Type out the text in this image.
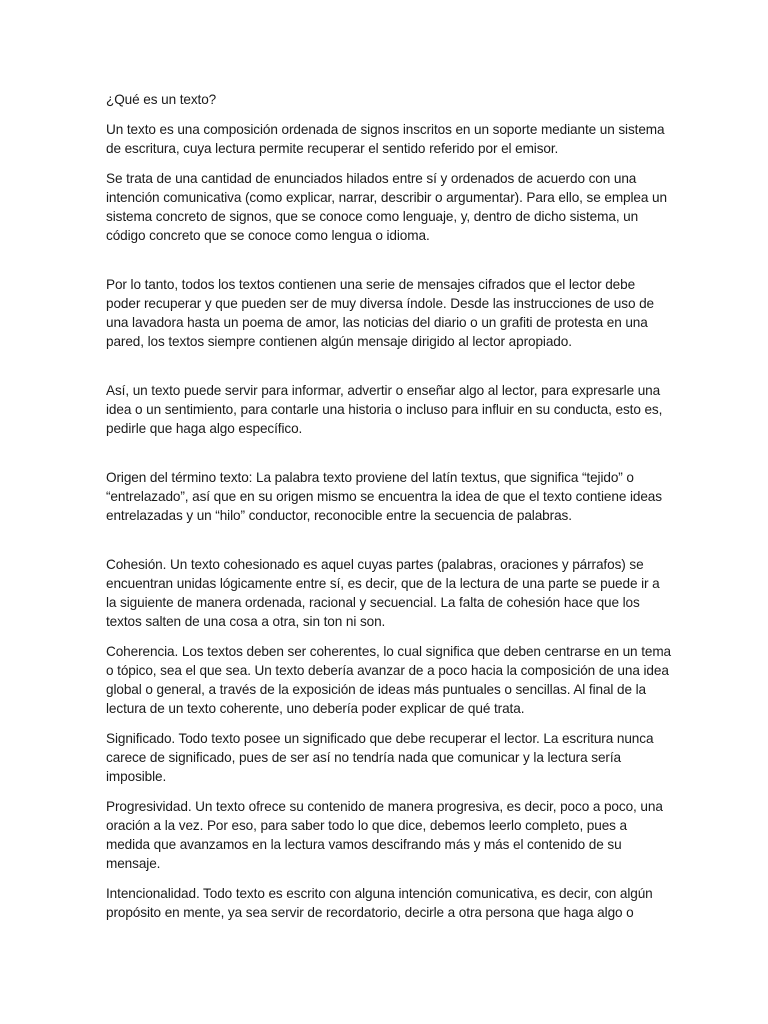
¿Qué es un texto?

Un texto es una composición ordenada de signos inscritos en un soporte mediante un sistema de escritura, cuya lectura permite recuperar el sentido referido por el emisor.

Se trata de una cantidad de enunciados hilados entre sí y ordenados de acuerdo con una intención comunicativa (como explicar, narrar, describir o argumentar). Para ello, se emplea un sistema concreto de signos, que se conoce como lenguaje, y, dentro de dicho sistema, un código concreto que se conoce como lengua o idioma.

Por lo tanto, todos los textos contienen una serie de mensajes cifrados que el lector debe poder recuperar y que pueden ser de muy diversa índole. Desde las instrucciones de uso de una lavadora hasta un poema de amor, las noticias del diario o un grafiti de protesta en una pared, los textos siempre contienen algún mensaje dirigido al lector apropiado.

Así, un texto puede servir para informar, advertir o enseñar algo al lector, para expresarle una idea o un sentimiento, para contarle una historia o incluso para influir en su conducta, esto es, pedirle que haga algo específico.

Origen del término texto: La palabra texto proviene del latín textus, que significa “tejido” o “entrelazado”, así que en su origen mismo se encuentra la idea de que el texto contiene ideas entrelazadas y un “hilo” conductor, reconocible entre la secuencia de palabras.

Cohesión. Un texto cohesionado es aquel cuyas partes (palabras, oraciones y párrafos) se encuentran unidas lógicamente entre sí, es decir, que de la lectura de una parte se puede ir a la siguiente de manera ordenada, racional y secuencial. La falta de cohesión hace que los textos salten de una cosa a otra, sin ton ni son.

Coherencia. Los textos deben ser coherentes, lo cual significa que deben centrarse en un tema o tópico, sea el que sea. Un texto debería avanzar de a poco hacia la composición de una idea global o general, a través de la exposición de ideas más puntuales o sencillas. Al final de la lectura de un texto coherente, uno debería poder explicar de qué trata.

Significado. Todo texto posee un significado que debe recuperar el lector. La escritura nunca carece de significado, pues de ser así no tendría nada que comunicar y la lectura sería imposible.

Progresividad. Un texto ofrece su contenido de manera progresiva, es decir, poco a poco, una oración a la vez. Por eso, para saber todo lo que dice, debemos leerlo completo, pues a medida que avanzamos en la lectura vamos descifrando más y más el contenido de su mensaje.

Intencionalidad. Todo texto es escrito con alguna intención comunicativa, es decir, con algún propósito en mente, ya sea servir de recordatorio, decirle a otra persona que haga algo o
